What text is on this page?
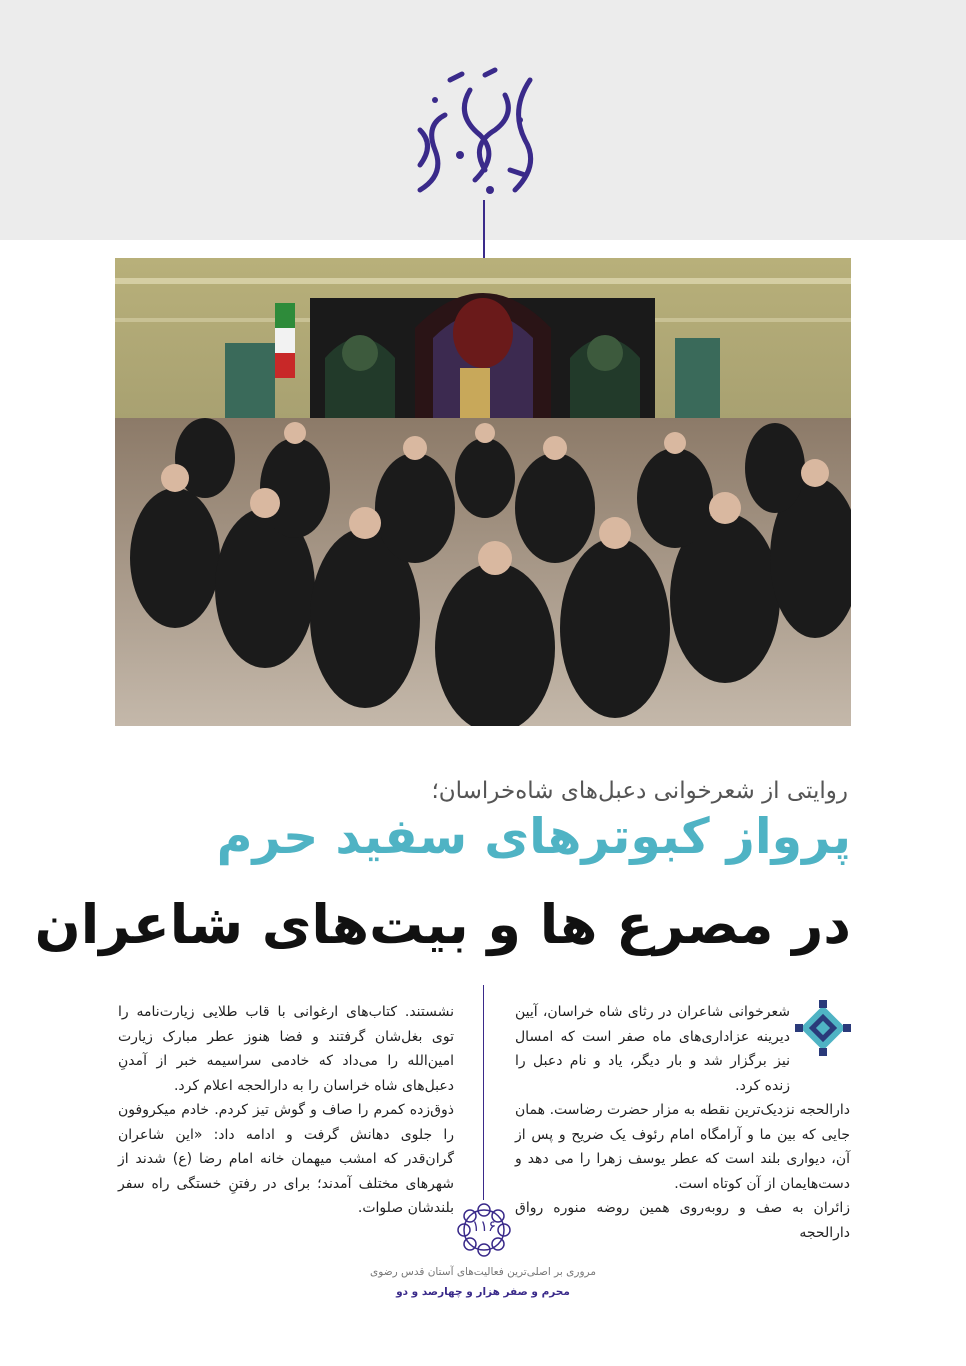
متن خادم رواق
mourning-ceremony-photo
روایتی از شعرخوانی دعبل‌های شاه‌خراسان؛
پرواز کبوترهای سفید حرم
در مصرع ها و بیت‌های شاعران

شعرخوانی شاعران در رثای شاه خراسان، آیین دیرینه عزاداری‌های ماه صفر است که امسال نیز برگزار شد و بار دیگر، یاد و نام دعبل را زنده کرد.

دارالحجه نزدیک‌ترین نقطه به مزار حضرت رضاست. همان جایی که بین ما و آرامگاه امام رئوف یک ضریح و پس از آن، دیواری بلند است که عطر یوسف زهرا را می دهد و دست‌هایمان از آن کوتاه است.

زائران به صف و روبه‌روی همین روضه منوره رواق دارالحجه

نشستند. کتاب‌های ارغوانی با قاب طلایی زیارت‌نامه را توی بغل‌شان گرفتند و فضا هنوز عطر مبارک زیارت امین‌الله را می‌داد که خادمی سراسیمه خبر از آمدنِ دعبل‌های شاه خراسان را به دارالحجه اعلام کرد.

ذوق‌زده کمرم را صاف و گوش تیز کردم. خادم میکروفون را جلوی دهانش گرفت و ادامه داد: «این شاعران گران‌قدر که امشب میهمان خانه امام رضا (ع) شدند از شهرهای مختلف آمدند؛ برای در رفتنِ خستگی راه سفر بلندشان صلوات.

۱۱۶
مروری بر اصلی‌ترین فعالیت‌های آستان قدس رضوی
محرم و صفر هزار و چهارصد و دو
